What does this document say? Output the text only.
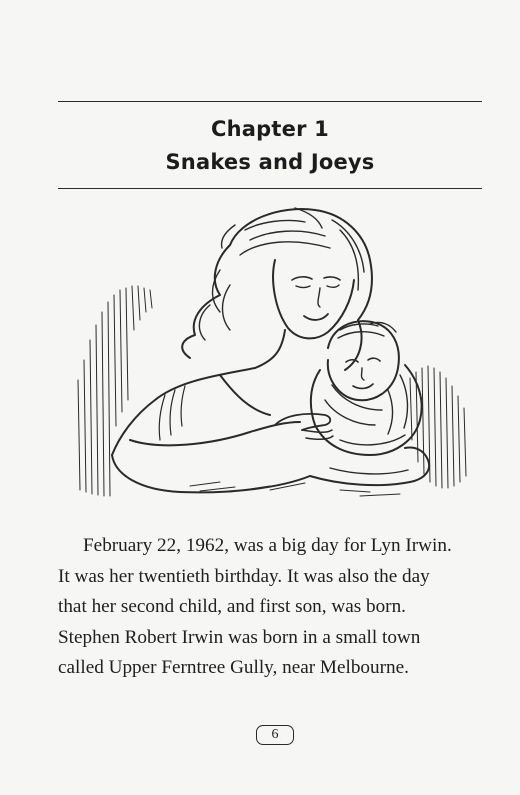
Chapter 1
Snakes and Joeys

February 22, 1962, was a big day for Lyn Irwin.
It was her twentieth birthday. It was also the day
that her second child, and first son, was born.
Stephen Robert Irwin was born in a small town
called Upper Ferntree Gully, near Melbourne.

6
